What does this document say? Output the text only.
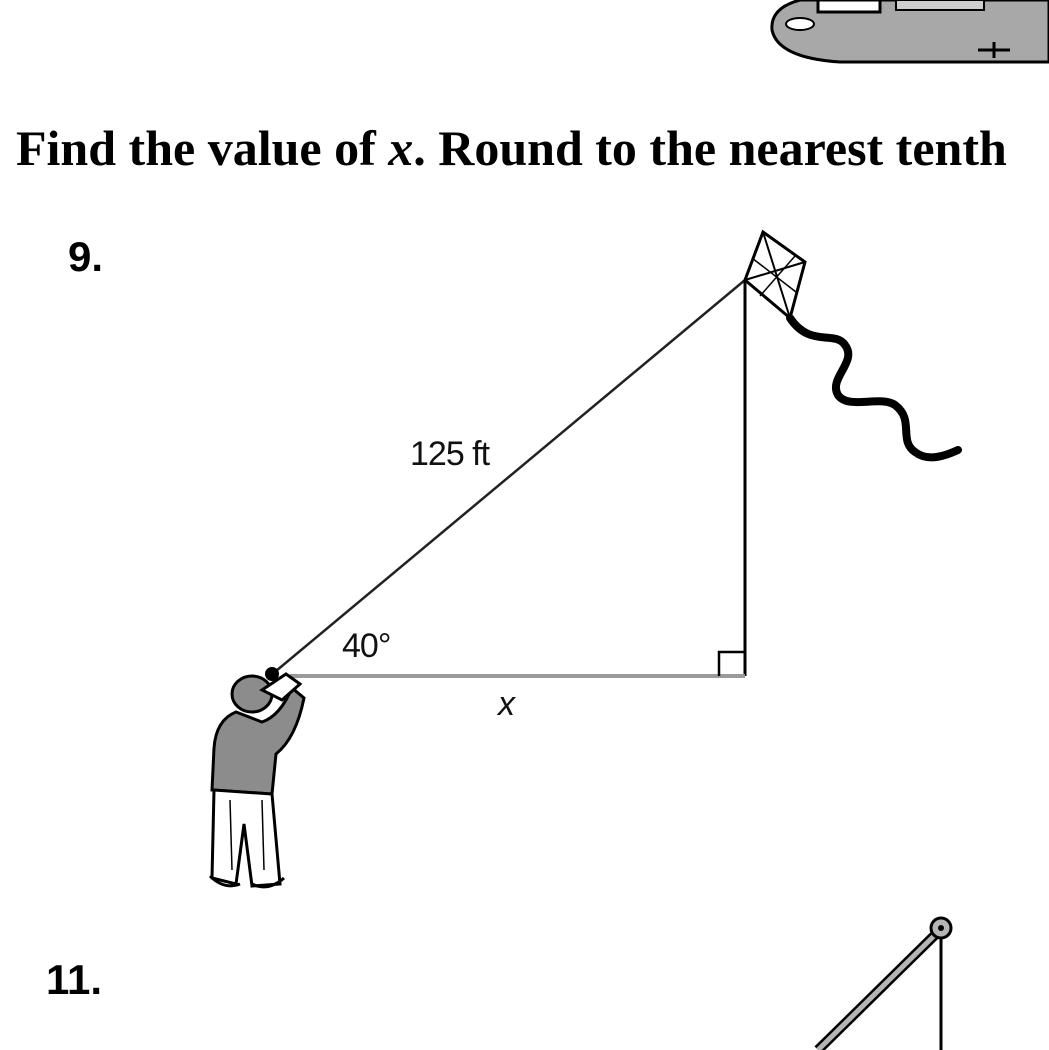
Find the value of x. Round to the nearest tenth
9.
125 ft
40°
x
11.
